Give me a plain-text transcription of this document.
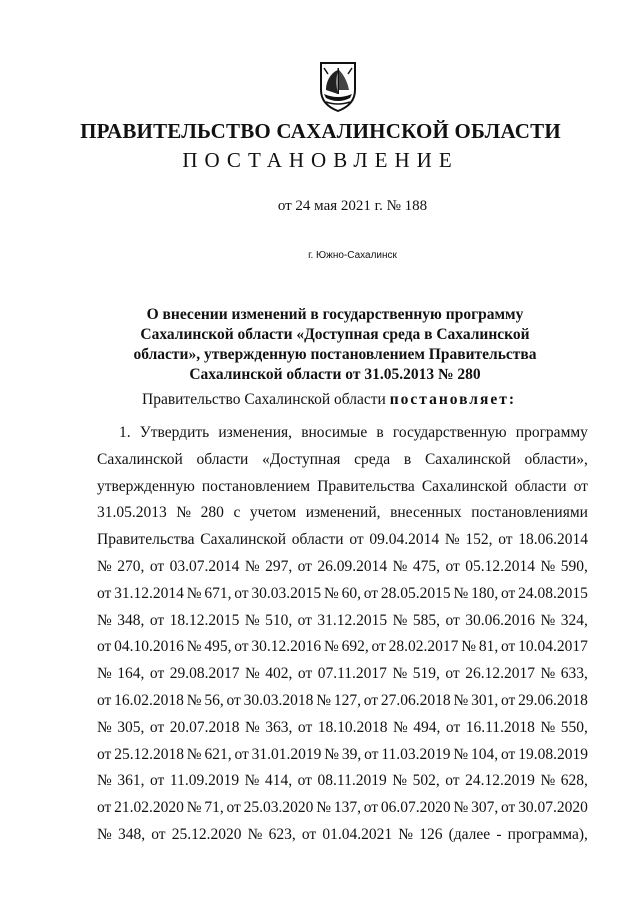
ПРАВИТЕЛЬСТВО САХАЛИНСКОЙ ОБЛАСТИ
ПОСТАНОВЛЕНИЕ
от 24 мая 2021 г. № 188
г. Южно-Сахалинск
О внесении изменений в государственную программу
Сахалинской области «Доступная среда в Сахалинской
области», утвержденную постановлением Правительства
Сахалинской области от 31.05.2013 № 280
Правительство Сахалинской области постановляет:
1. Утвердить изменения, вносимые в государственную программу
Сахалинской области «Доступная среда в Сахалинской области»,
утвержденную постановлением Правительства Сахалинской области от
31.05.2013 № 280 с учетом изменений, внесенных постановлениями
Правительства Сахалинской области от 09.04.2014 № 152, от 18.06.2014
№ 270, от 03.07.2014 № 297, от 26.09.2014 № 475, от 05.12.2014 № 590,
от 31.12.2014 № 671, от 30.03.2015 № 60, от 28.05.2015 № 180, от 24.08.2015
№ 348, от 18.12.2015 № 510, от 31.12.2015 № 585, от 30.06.2016 № 324,
от 04.10.2016 № 495, от 30.12.2016 № 692, от 28.02.2017 № 81, от 10.04.2017
№ 164, от 29.08.2017 № 402, от 07.11.2017 № 519, от 26.12.2017 № 633,
от 16.02.2018 № 56, от 30.03.2018 № 127, от 27.06.2018 № 301, от 29.06.2018
№ 305, от 20.07.2018 № 363, от 18.10.2018 № 494, от 16.11.2018 № 550,
от 25.12.2018 № 621, от 31.01.2019 № 39, от 11.03.2019 № 104, от 19.08.2019
№ 361, от 11.09.2019 № 414, от 08.11.2019 № 502, от 24.12.2019 № 628,
от 21.02.2020 № 71, от 25.03.2020 № 137, от 06.07.2020 № 307, от 30.07.2020
№ 348, от 25.12.2020 № 623, от 01.04.2021 № 126 (далее - программа),
